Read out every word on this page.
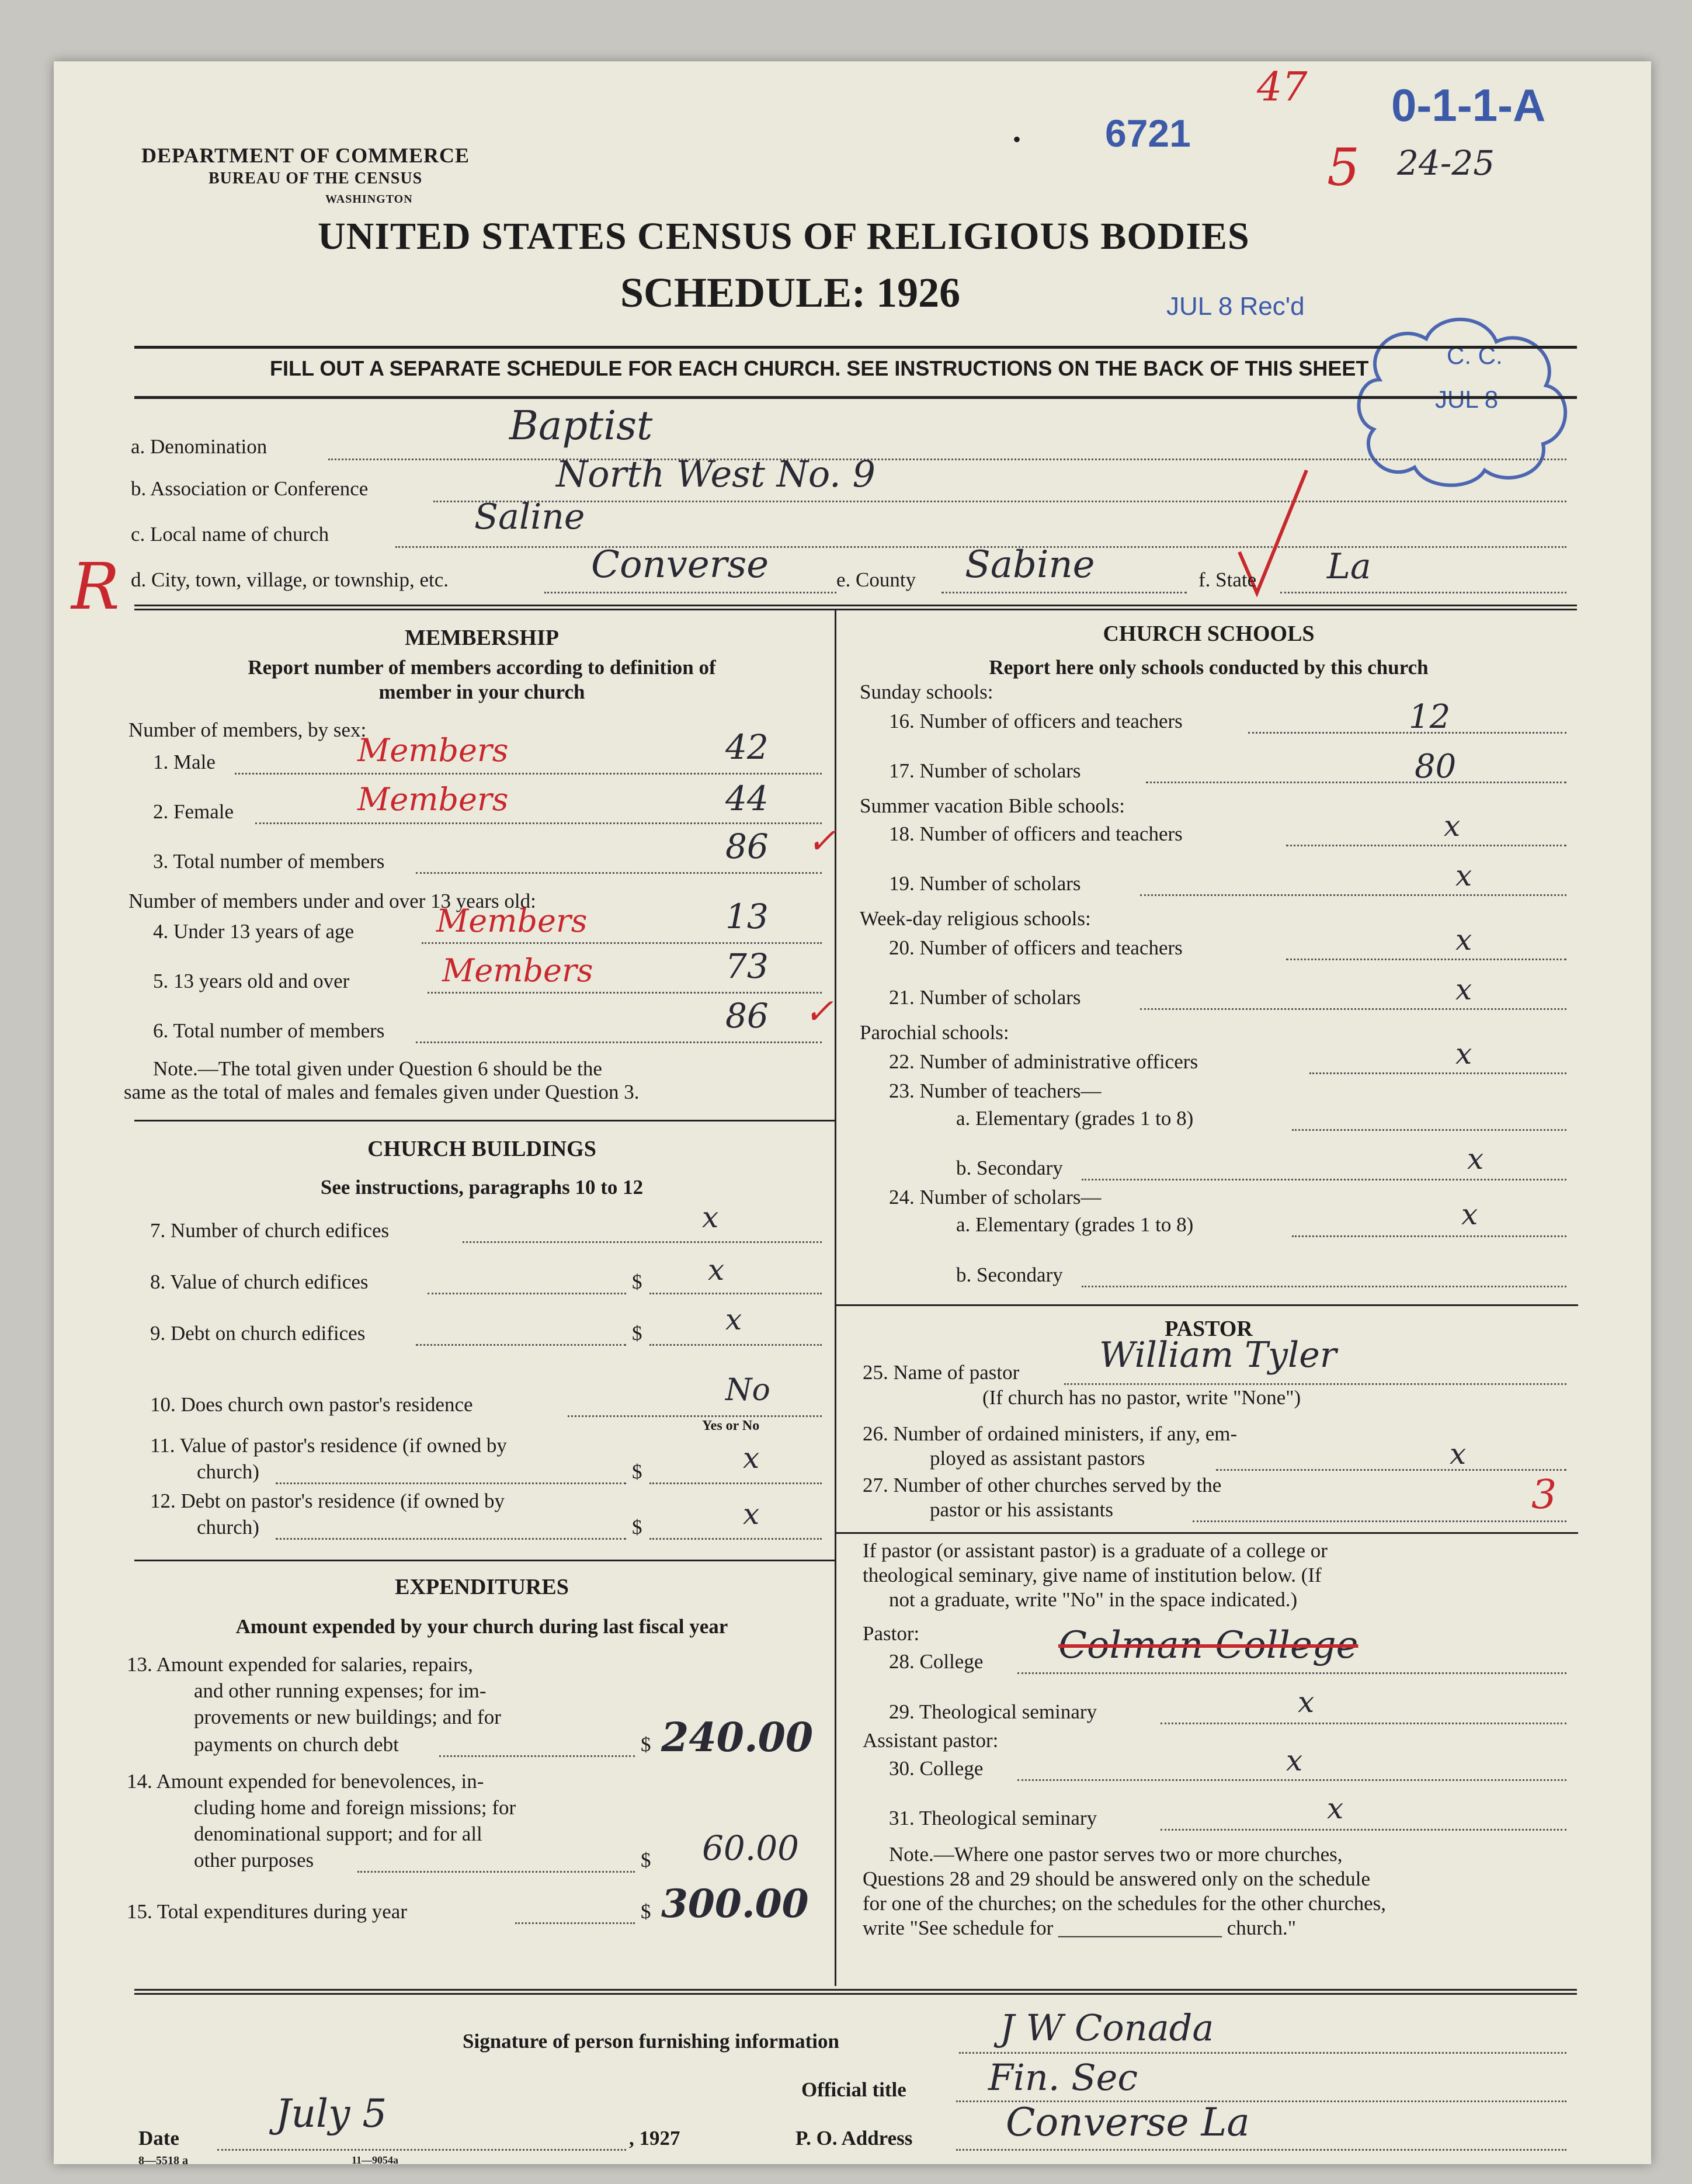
DEPARTMENT OF COMMERCE
BUREAU OF THE CENSUS
WASHINGTON
UNITED STATES CENSUS OF RELIGIOUS BODIES
SCHEDULE: 1926
6721
0-1-1-A
47
5 24-25
•
JUL 8 Rec'd
C. C.
JUL 8
R
FILL OUT A SEPARATE SCHEDULE FOR EACH CHURCH. SEE INSTRUCTIONS ON THE BACK OF THIS SHEET
a. Denomination	Baptist
b. Association or Conference	North West No. 9
c. Local name of church	Saline
d. City, town, village, or township, etc.	Converse	e. County Sabine	f. State La
MEMBERSHIP
Report number of members according to definition of
member in your church
Number of members, by sex:
1. Male	Members	42
2. Female	Members	44
3. Total number of members	86 ✓
Number of members under and over 13 years old:
4. Under 13 years of age	Members	13
5. 13 years old and over	Members	73
6. Total number of members	86 ✓
Note.—The total given under Question 6 should be the
same as the total of males and females given under Question 3.
CHURCH BUILDINGS
See instructions, paragraphs 10 to 12
7. Number of church edifices	x
8. Value of church edifices	$ x
9. Debt on church edifices	$	x
10. Does church own pastor's residence	No
Yes or No
11. Value of pastor's residence (if owned by
church)	$	x
12. Debt on pastor's residence (if owned by
church)	$	x
EXPENDITURES
Amount expended by your church during last fiscal year
13. Amount expended for salaries, repairs,
and other running expenses; for im-
provements or new buildings; and for
payments on church debt	$ 240.00
14. Amount expended for benevolences, in-
cluding home and foreign missions; for
denominational support; and for all
other purposes	$ 60.00
15. Total expenditures during year	$ 300.00
CHURCH SCHOOLS
Report here only schools conducted by this church
Sunday schools:
16. Number of officers and teachers	12
17. Number of scholars	80
Summer vacation Bible schools:
18. Number of officers and teachers	x
19. Number of scholars	x
Week-day religious schools:
20. Number of officers and teachers	x
21. Number of scholars	x
Parochial schools:
22. Number of administrative officers	x
23. Number of teachers—
a. Elementary (grades 1 to 8)
b. Secondary	x
24. Number of scholars—
a. Elementary (grades 1 to 8)	x
b. Secondary
PASTOR
25. Name of pastor William Tyler
(If church has no pastor, write "None")
26. Number of ordained ministers, if any, em-
ployed as assistant pastors	x
27. Number of other churches served by the
pastor or his assistants	3
If pastor (or assistant pastor) is a graduate of a college or
theological seminary, give name of institution below. (If
not a graduate, write "No" in the space indicated.)
Pastor:
28. College Colman College
29. Theological seminary	x
Assistant pastor:
30. College	x
31. Theological seminary	x
Note.—Where one pastor serves two or more churches,
Questions 28 and 29 should be answered only on the schedule
for one of the churches; on the schedules for the other churches,
write "See schedule for ________________ church."
Signature of person furnishing information	J W Conada
Official title Fin. Sec
Date
July 5
, 1927	P. O. Address Converse La
8—5518 a	11—9054a
